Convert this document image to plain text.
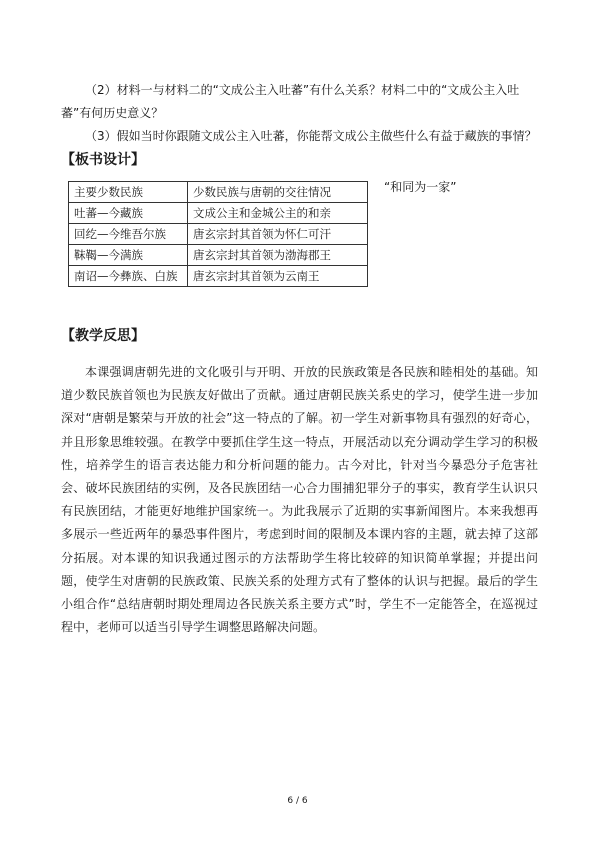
（2）材料一与材料二的“文成公主入吐蕃”有什么关系？材料二中的“文成公主入吐
蕃”有何历史意义？
（3）假如当时你跟随文成公主入吐蕃，你能帮文成公主做些什么有益于藏族的事情？
【板书设计】
主要少数民族	少数民族与唐朝的交往情况
吐蕃—今藏族	文成公主和金城公主的和亲
回纥—今维吾尔族	唐玄宗封其首领为怀仁可汗
靺鞨—今满族	唐玄宗封其首领为渤海郡王
南诏—今彝族、白族	唐玄宗封其首领为云南王
“和同为一家”
【教学反思】

本课强调唐朝先进的文化吸引与开明、开放的民族政策是各民族和睦相处的基础。知道少数民族首领也为民族友好做出了贡献。通过唐朝民族关系史的学习，使学生进一步加深对“唐朝是繁荣与开放的社会”这一特点的了解。初一学生对新事物具有强烈的好奇心，并且形象思维较强。在教学中要抓住学生这一特点，开展活动以充分调动学生学习的积极性，培养学生的语言表达能力和分析问题的能力。古今对比，针对当今暴恐分子危害社会、破坏民族团结的实例，及各民族团结一心合力围捕犯罪分子的事实，教育学生认识只有民族团结，才能更好地维护国家统一。为此我展示了近期的实事新闻图片。本来我想再多展示一些近两年的暴恐事件图片，考虑到时间的限制及本课内容的主题，就去掉了这部分拓展。对本课的知识我通过图示的方法帮助学生将比较碎的知识简单掌握；并提出问题，使学生对唐朝的民族政策、民族关系的处理方式有了整体的认识与把握。最后的学生小组合作“总结唐朝时期处理周边各民族关系主要方式”时，学生不一定能答全，在巡视过程中，老师可以适当引导学生调整思路解决问题。

6 / 6
